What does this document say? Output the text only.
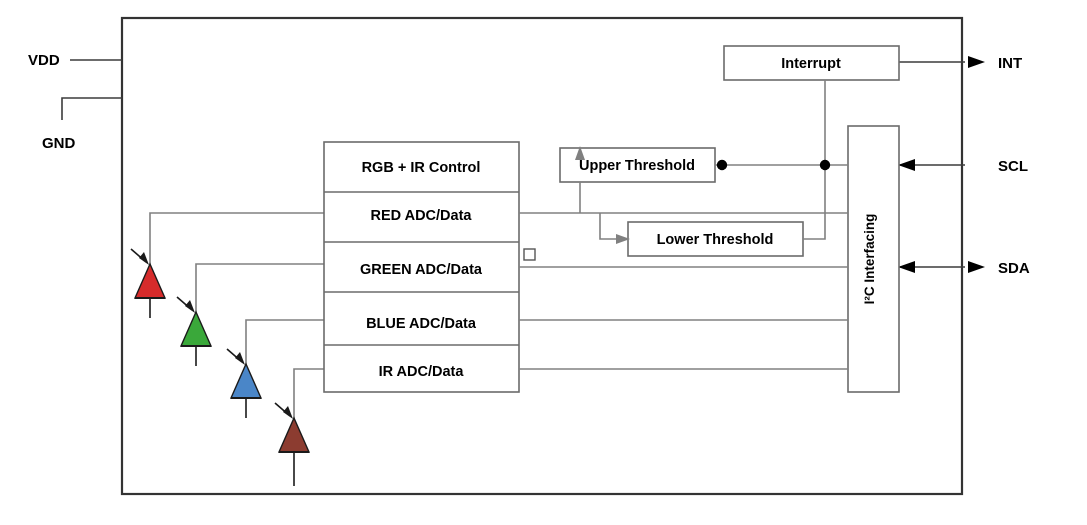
VDD
GND
INT
SCL
SDA
RGB + IR Control
RED ADC/Data
GREEN ADC/Data
BLUE ADC/Data
IR ADC/Data
Interrupt
Upper Threshold
Lower Threshold	I²C Interfacing
